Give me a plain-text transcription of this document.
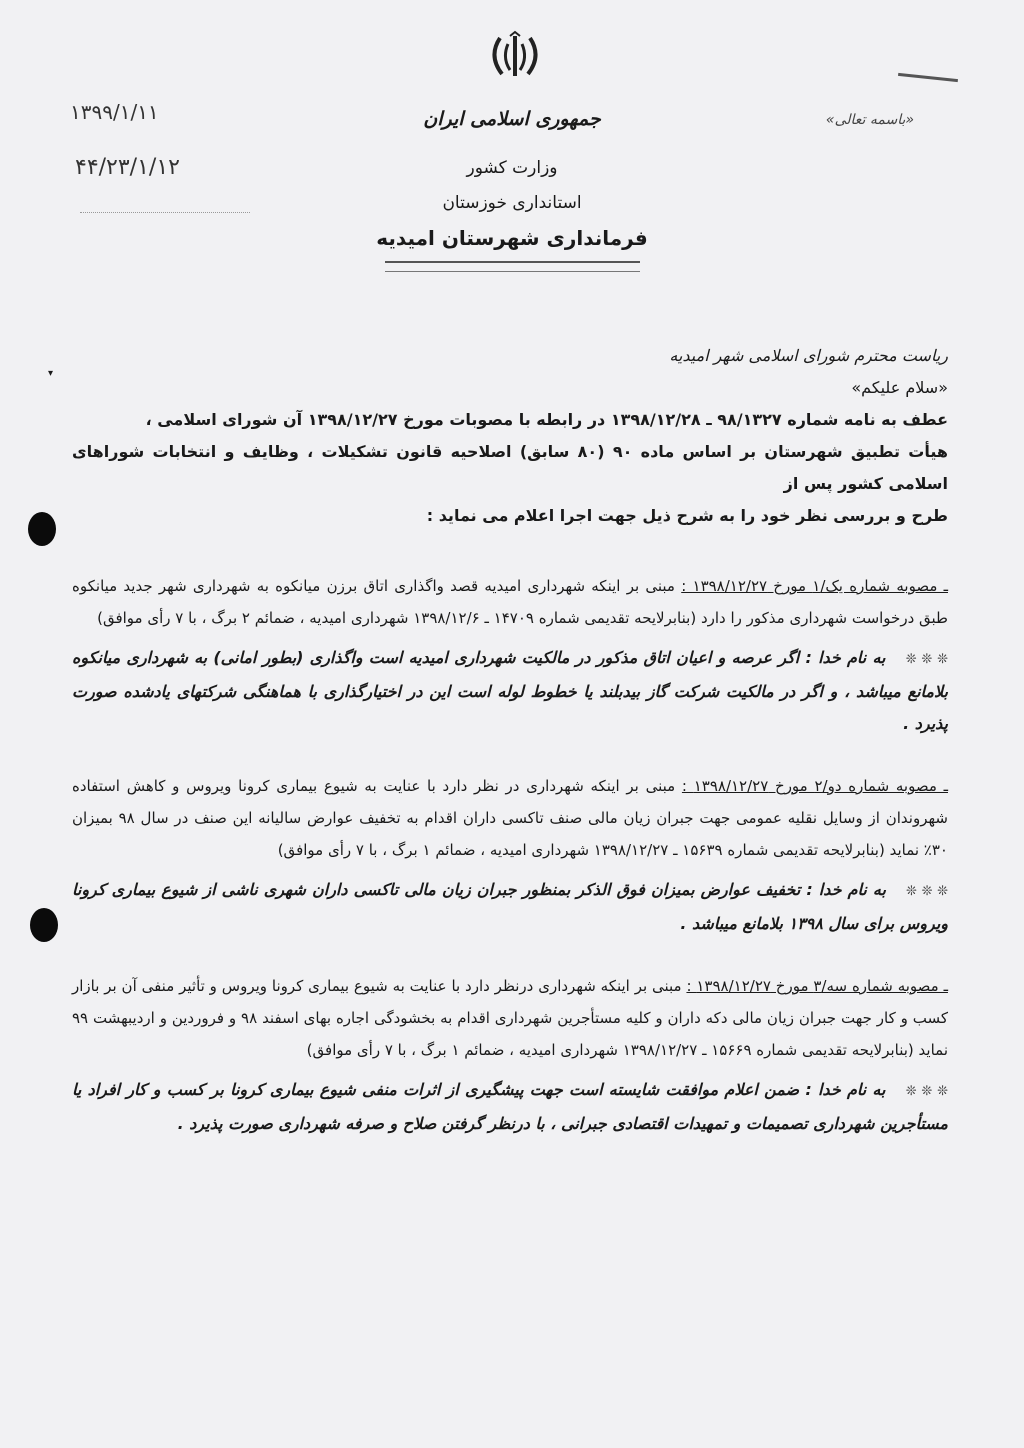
۱۳۹۹/۱/۱۱
۴۴/۲۳/۱/۱۲
جمهوری اسلامی ایران	«باسمه تعالی»
وزارت کشور
استانداری خوزستان
فرمانداری شهرستان امیدیه
▾

ریاست محترم شورای اسلامی شهر امیدیه

«سلام علیکم»

عطف به نامه شماره ۹۸/۱۳۲۷ ـ ۱۳۹۸/۱۲/۲۸ در رابطه با مصوبات مورخ ۱۳۹۸/۱۲/۲۷ آن شورای اسلامی ،

هیأت تطبیق شهرستان بر اساس ماده ۹۰ (۸۰ سابق) اصلاحیه قانون تشکیلات ، وظایف و انتخابات شوراهای اسلامی کشور پس از

طرح و بررسی نظر خود را به شرح ذیل جهت اجرا اعلام می نماید :

ـ مصوبه شماره یک/۱ مورخ ۱۳۹۸/۱۲/۲۷ : مبنی بر اینکه شهرداری امیدیه قصد واگذاری اتاق برزن میانکوه به شهرداری شهر جدید میانکوه طبق درخواست شهرداری مذکور را دارد (بنابرلایحه تقدیمی شماره ۱۴۷۰۹ ـ ۱۳۹۸/۱۲/۶ شهرداری امیدیه ، ضمائم ۲ برگ ، با ۷ رأی موافق)

❊ ❊ ❊ به نام خدا : اگر عرصه و اعیان اتاق مذکور در مالکیت شهرداری امیدیه است واگذاری (بطور امانی) به شهرداری میانکوه بلامانع میباشد ، و اگر در مالکیت شرکت گاز بیدبلند یا خطوط لوله است این در اختیارگذاری با هماهنگی شرکتهای یادشده صورت پذیرد .

ـ مصوبه شماره دو/۲ مورخ ۱۳۹۸/۱۲/۲۷ : مبنی بر اینکه شهرداری در نظر دارد با عنایت به شیوع بیماری کرونا ویروس و کاهش استفاده شهروندان از وسایل نقلیه عمومی جهت جبران زیان مالی صنف تاکسی داران اقدام به تخفیف عوارض سالیانه این صنف در سال ۹۸ بمیزان ۳۰٪ نماید (بنابرلایحه تقدیمی شماره ۱۵۶۳۹ ـ ۱۳۹۸/۱۲/۲۷ شهرداری امیدیه ، ضمائم ۱ برگ ، با ۷ رأی موافق)

❊ ❊ ❊ به نام خدا : تخفیف عوارض بمیزان فوق الذکر بمنظور جبران زیان مالی تاکسی داران شهری ناشی از شیوع بیماری کرونا ویروس برای سال ۱۳۹۸ بلامانع میباشد .

ـ مصوبه شماره سه/۳ مورخ ۱۳۹۸/۱۲/۲۷ : مبنی بر اینکه شهرداری درنظر دارد با عنایت به شیوع بیماری کرونا ویروس و تأثیر منفی آن بر بازار کسب و کار جهت جبران زیان مالی دکه داران و کلیه مستأجرین شهرداری اقدام به بخشودگی اجاره بهای اسفند ۹۸ و فروردین و اردیبهشت ۹۹ نماید (بنابرلایحه تقدیمی شماره ۱۵۶۶۹ ـ ۱۳۹۸/۱۲/۲۷ شهرداری امیدیه ، ضمائم ۱ برگ ، با ۷ رأی موافق)

❊ ❊ ❊ به نام خدا : ضمن اعلام موافقت شایسته است جهت پیشگیری از اثرات منفی شیوع بیماری کرونا بر کسب و کار افراد یا مستأجرین شهرداری تصمیمات و تمهیدات اقتصادی جبرانی ، با درنظر گرفتن صلاح و صرفه شهرداری صورت پذیرد .
